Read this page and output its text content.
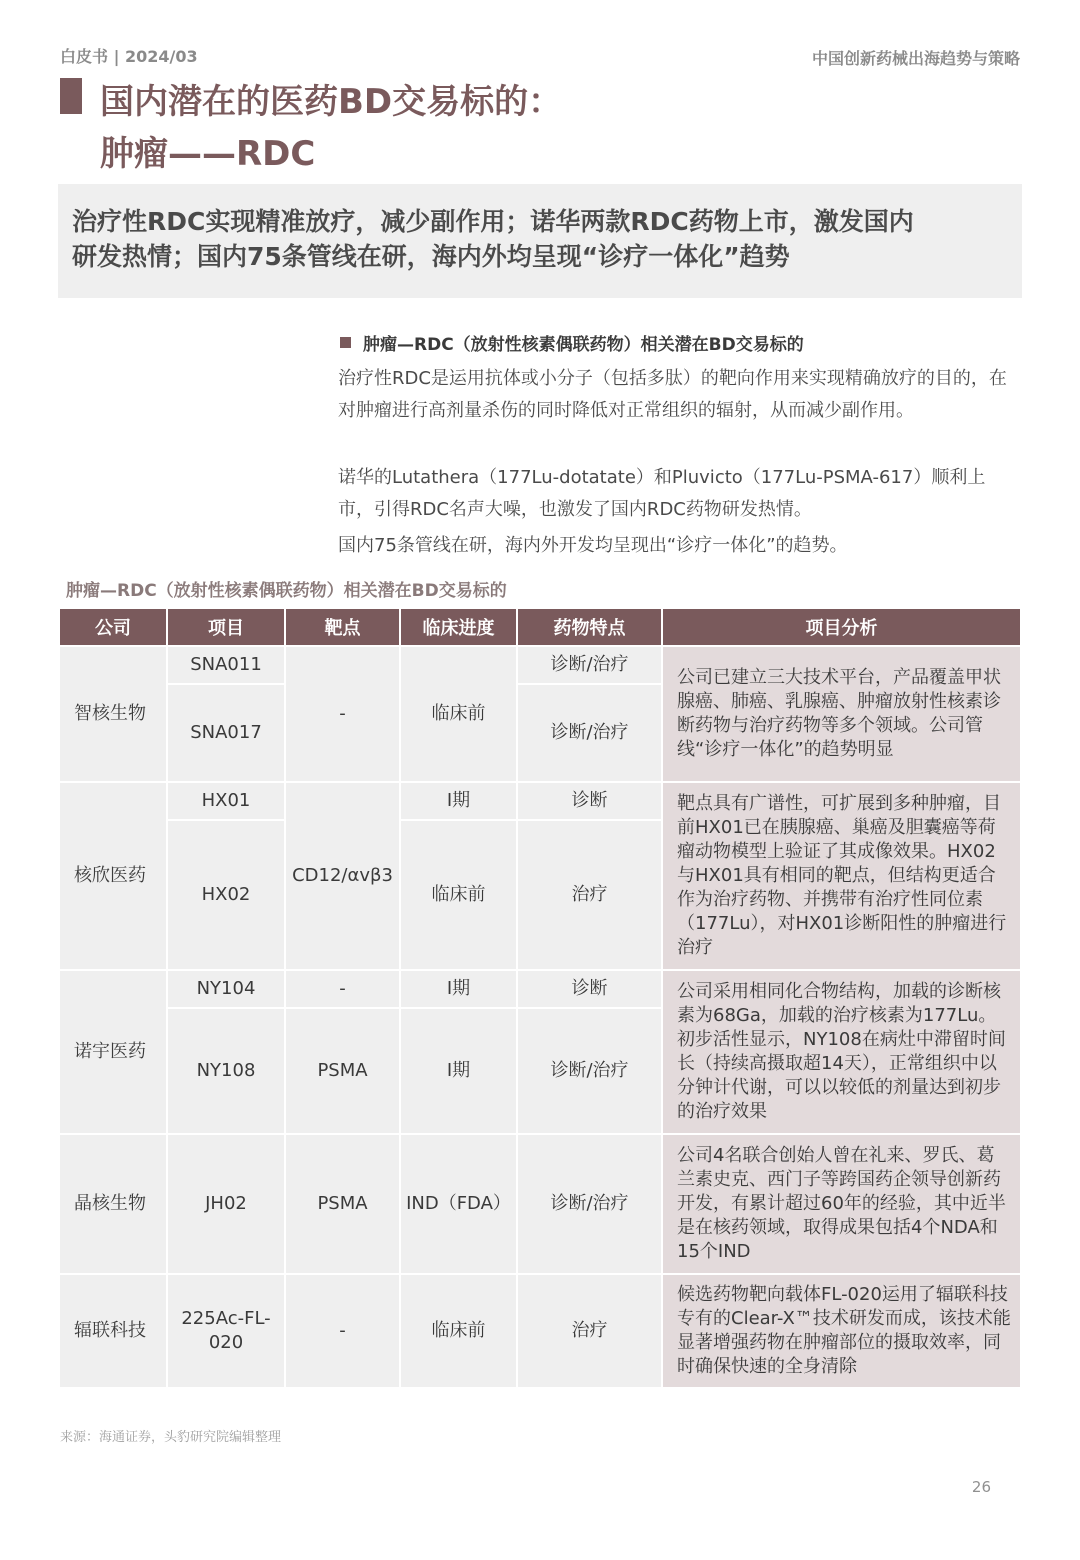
白皮书 | 2024/03	中国创新药械出海趋势与策略
国内潜在的医药BD交易标的：
肿瘤——RDC

治疗性RDC实现精准放疗，减少副作用；诺华两款RDC药物上市，激发国内

研发热情；国内75条管线在研，海内外均呈现“诊疗一体化”趋势

肿瘤—RDC（放射性核素偶联药物）相关潜在BD交易标的

治疗性RDC是运用抗体或小分子（包括多肽）的靶向作用来实现精确放疗的目的，在对肿瘤进行高剂量杀伤的同时降低对正常组织的辐射，从而减少副作用。

诺华的Lutathera（177Lu-dotatate）和Pluvicto（177Lu-PSMA-617）顺利上市，引得RDC名声大噪，也激发了国内RDC药物研发热情。

国内75条管线在研，海内外开发均呈现出“诊疗一体化”的趋势。

肿瘤—RDC（放射性核素偶联药物）相关潜在BD交易标的
公司	项目	靶点	临床进度	药物特点	项目分析
智核生物	SNA011	-	临床前	诊断/治疗	公司已建立三大技术平台，产品覆盖甲状腺癌、肺癌、乳腺癌、肿瘤放射性核素诊断药物与治疗药物等多个领域。公司管线“诊疗一体化”的趋势明显
	SNA017			诊断/治疗	
核欣医药	HX01	CD12/αvβ3	I期	诊断	靶点具有广谱性，可扩展到多种肿瘤，目前HX01已在胰腺癌、巢癌及胆囊癌等荷瘤动物模型上验证了其成像效果。HX02与HX01具有相同的靶点，但结构更适合作为治疗药物、并携带有治疗性同位素（177Lu），对HX01诊断阳性的肿瘤进行治疗
	HX02		临床前	治疗	
诺宇医药	NY104	-	I期	诊断	公司采用相同化合物结构，加载的诊断核素为68Ga，加载的治疗核素为177Lu。初步活性显示，NY108在病灶中滞留时间长（持续高摄取超14天），正常组织中以分钟计代谢，可以以较低的剂量达到初步的治疗效果
	NY108	PSMA	I期	诊断/治疗	
晶核生物	JH02	PSMA	IND（FDA）	诊断/治疗	公司4名联合创始人曾在礼来、罗氏、葛兰素史克、西门子等跨国药企领导创新药开发，有累计超过60年的经验，其中近半是在核药领域，取得成果包括4个NDA和15个IND
辐联科技	225Ac-FL-020	-	临床前	治疗	候选药物靶向载体FL-020运用了辐联科技专有的Clear-X™技术研发而成，该技术能显著增强药物在肿瘤部位的摄取效率，同时确保快速的全身清除
来源：海通证券，头豹研究院编辑整理
26
